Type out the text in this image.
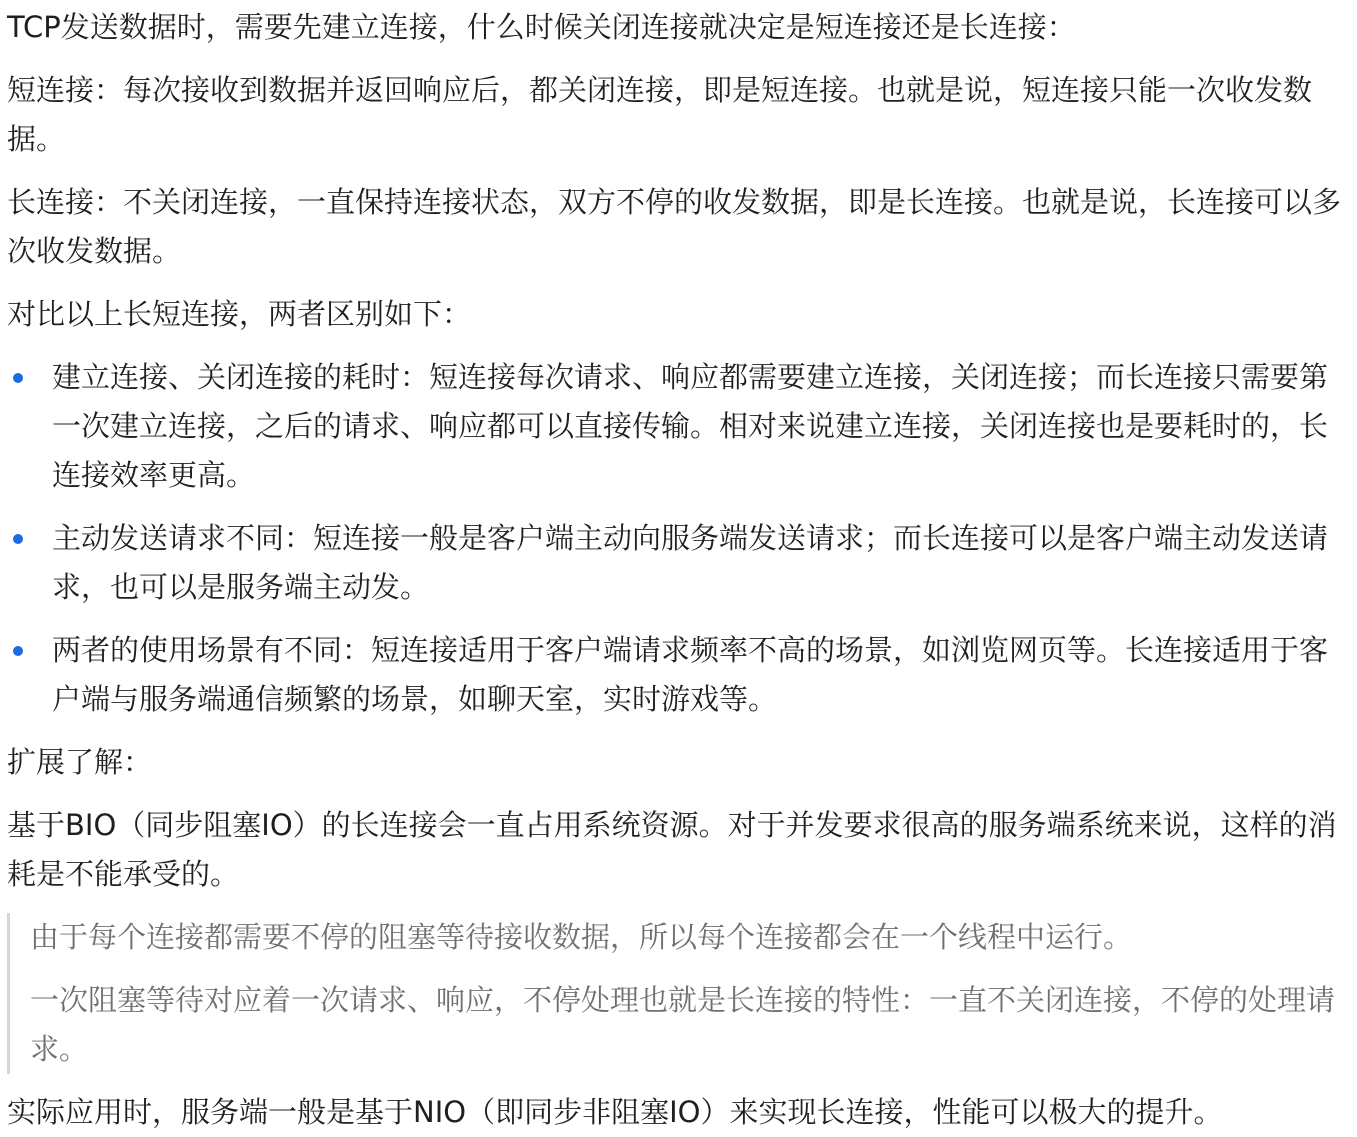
TCP发送数据时，需要先建立连接，什么时候关闭连接就决定是短连接还是长连接：

短连接：每次接收到数据并返回响应后，都关闭连接，即是短连接。也就是说，短连接只能一次收发数据。

长连接：不关闭连接，一直保持连接状态，双方不停的收发数据，即是长连接。也就是说，长连接可以多次收发数据。

对比以上长短连接，两者区别如下：

建立连接、关闭连接的耗时：短连接每次请求、响应都需要建立连接，关闭连接；而长连接只需要第一次建立连接，之后的请求、响应都可以直接传输。相对来说建立连接，关闭连接也是要耗时的，长连接效率更高。
主动发送请求不同：短连接一般是客户端主动向服务端发送请求；而长连接可以是客户端主动发送请求，也可以是服务端主动发。
两者的使用场景有不同：短连接适用于客户端请求频率不高的场景，如浏览网页等。长连接适用于客户端与服务端通信频繁的场景，如聊天室，实时游戏等。

扩展了解：

基于BIO（同步阻塞IO）的长连接会一直占用系统资源。对于并发要求很高的服务端系统来说，这样的消耗是不能承受的。

由于每个连接都需要不停的阻塞等待接收数据，所以每个连接都会在一个线程中运行。

一次阻塞等待对应着一次请求、响应，不停处理也就是长连接的特性：一直不关闭连接，不停的处理请求。

实际应用时，服务端一般是基于NIO（即同步非阻塞IO）来实现长连接，性能可以极大的提升。
